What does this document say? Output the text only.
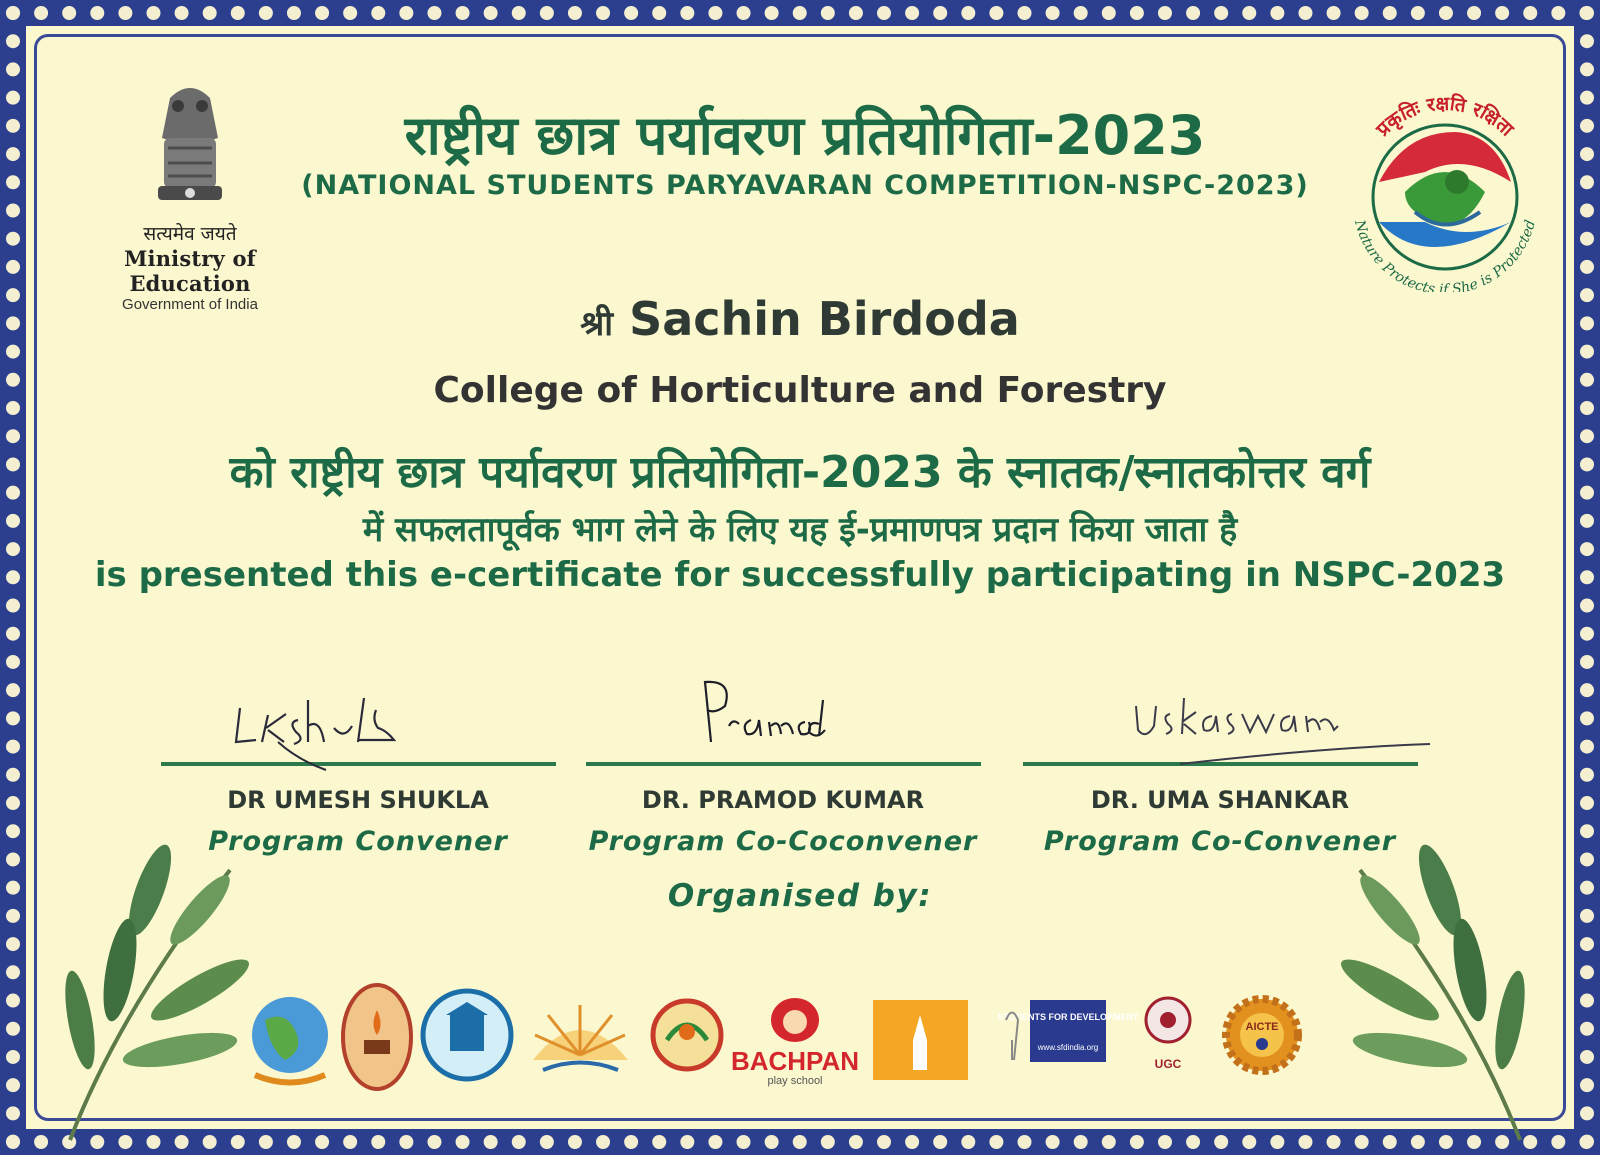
सत्यमेव जयते
Ministry of Education
Government of India
राष्ट्रीय छात्र पर्यावरण प्रतियोगिता-2023
(NATIONAL STUDENTS PARYAVARAN COMPETITION-NSPC-2023)
प्रकृतिः रक्षति रक्षिता
Nature Protects if She is Protected
श्री Sachin Birdoda
College of Horticulture and Forestry
को राष्ट्रीय छात्र पर्यावरण प्रतियोगिता-2023 के स्नातक/स्नातकोत्तर वर्ग
में सफलतापूर्वक भाग लेने के लिए यह ई-प्रमाणपत्र प्रदान किया जाता है
is presented this e-certificate for successfully participating in NSPC-2023
DR UMESH SHUKLA
Program Convener
DR. PRAMOD KUMAR
Program Co-Coconvener
DR. UMA SHANKAR
Program Co-Convener
Organised by:
BACHPAN
play school
STUDENTS FOR DEVELOPMENT
www.sfdindia.org
UGC
AICTE
